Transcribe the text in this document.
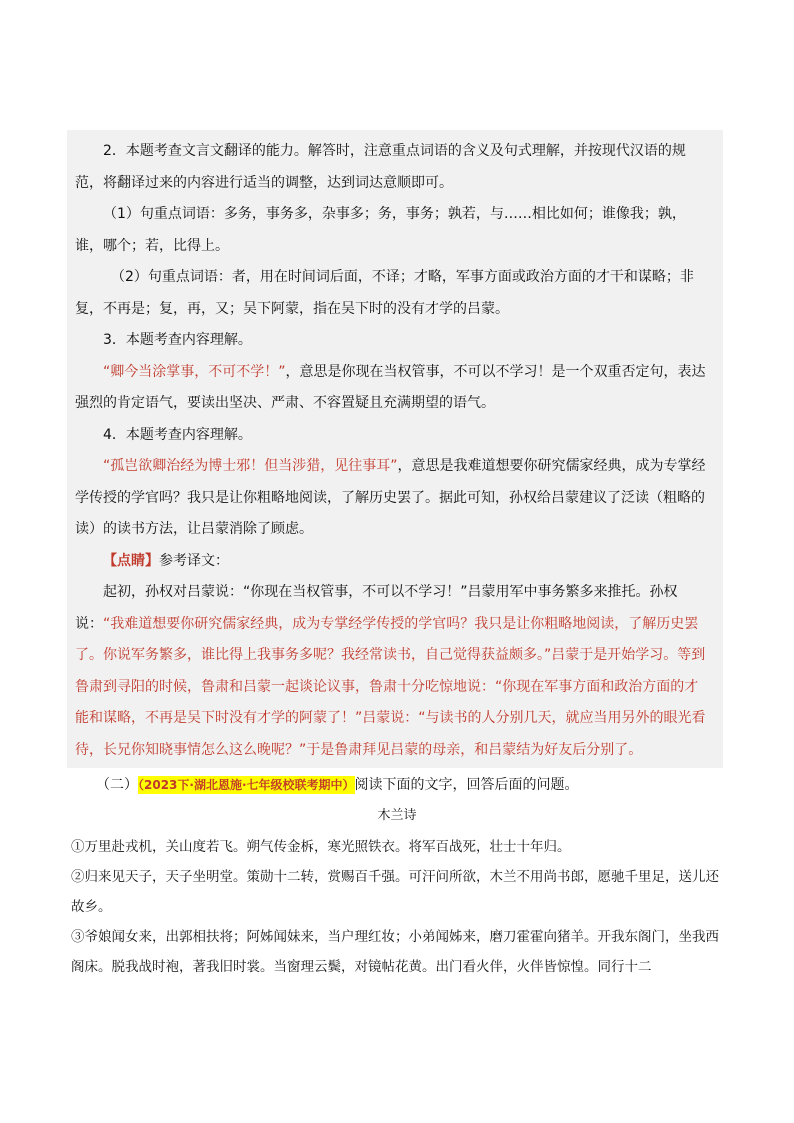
2．本题考查文言文翻译的能力。解答时，注意重点词语的含义及句式理解，并按现代汉语的规范，将翻译过来的内容进行适当的调整，达到词达意顺即可。

（1）句重点词语：多务，事务多，杂事多；务，事务；孰若，与……相比如何；谁像我；孰，谁，哪个；若，比得上。

（2）句重点词语：者，用在时间词后面，不译；才略，军事方面或政治方面的才干和谋略；非复，不再是；复，再，又；吴下阿蒙，指在吴下时的没有才学的吕蒙。

3．本题考查内容理解。

“卿今当涂掌事，不可不学！”，意思是你现在当权管事，不可以不学习！是一个双重否定句，表达强烈的肯定语气，要读出坚决、严肃、不容置疑且充满期望的语气。

4．本题考查内容理解。

“孤岂欲卿治经为博士邪！但当涉猎，见往事耳”，意思是我难道想要你研究儒家经典，成为专掌经学传授的学官吗？我只是让你粗略地阅读，了解历史罢了。据此可知，孙权给吕蒙建议了泛读（粗略的读）的读书方法，让吕蒙消除了顾虑。

【点睛】参考译文：

起初，孙权对吕蒙说：“你现在当权管事，不可以不学习！”吕蒙用军中事务繁多来推托。孙权说：“我难道想要你研究儒家经典，成为专掌经学传授的学官吗？我只是让你粗略地阅读，了解历史罢了。你说军务繁多，谁比得上我事务多呢？我经常读书，自己觉得获益颇多。”吕蒙于是开始学习。等到鲁肃到寻阳的时候，鲁肃和吕蒙一起谈论议事，鲁肃十分吃惊地说：“你现在军事方面和政治方面的才能和谋略，不再是吴下时没有才学的阿蒙了！”吕蒙说：“与读书的人分别几天，就应当用另外的眼光看待，长兄你知晓事情怎么这么晚呢？”于是鲁肃拜见吕蒙的母亲，和吕蒙结为好友后分别了。

（二）（2023下·湖北恩施·七年级校联考期中）阅读下面的文字，回答后面的问题。
木兰诗

①万里赴戎机，关山度若飞。朔气传金柝，寒光照铁衣。将军百战死，壮士十年归。

②归来见天子，天子坐明堂。策勋十二转，赏赐百千强。可汗问所欲，木兰不用尚书郎，愿驰千里足，送儿还故乡。

③爷娘闻女来，出郭相扶将；阿姊闻妹来，当户理红妆；小弟闻姊来，磨刀霍霍向猪羊。开我东阁门，坐我西阁床。脱我战时袍，著我旧时裳。当窗理云鬓，对镜帖花黄。出门看火伴，火伴皆惊惶。同行十二
